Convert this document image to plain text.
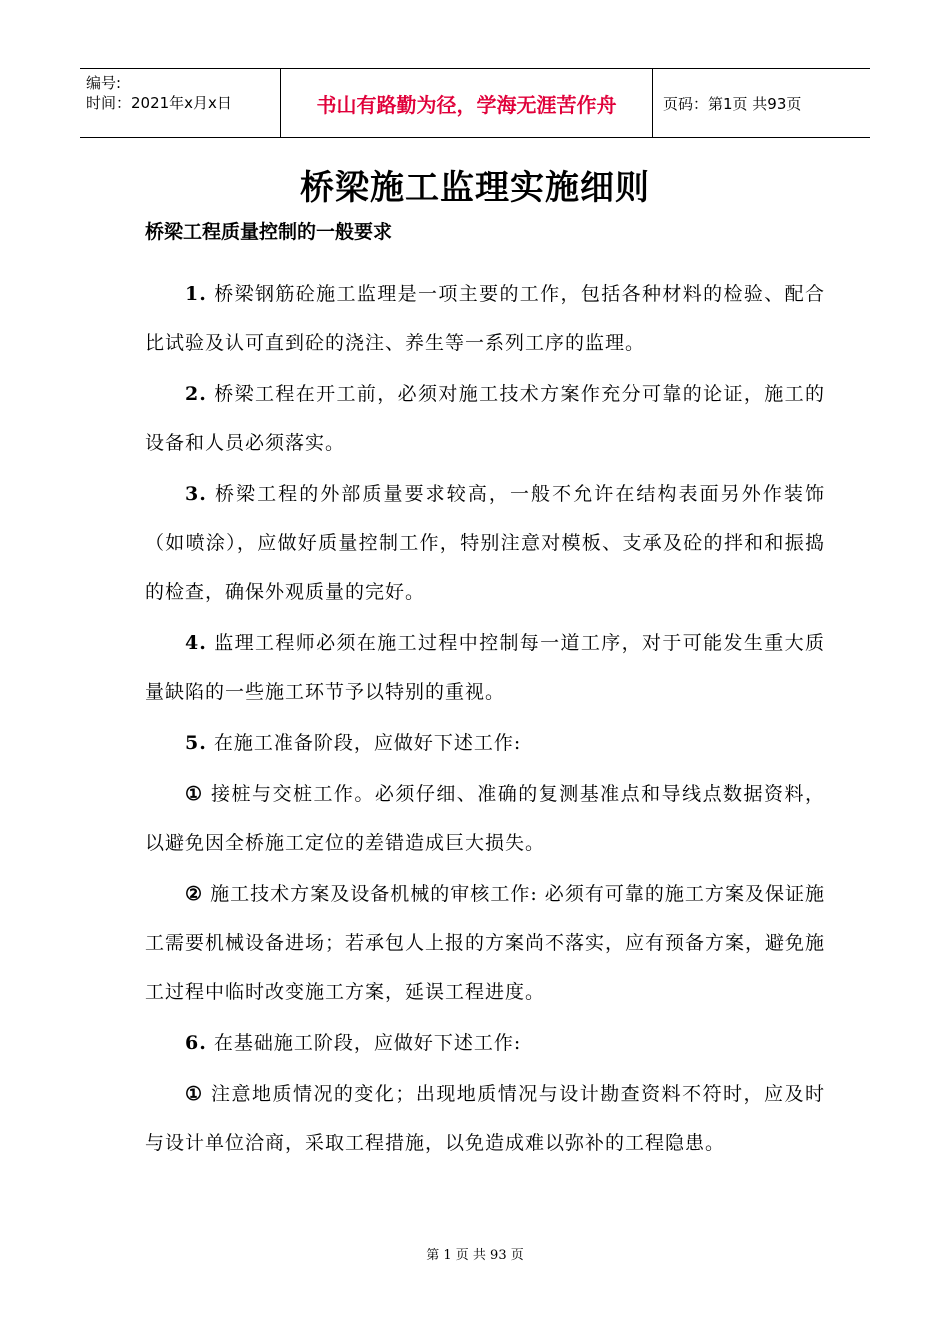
编号:
时间：2021年x月x日	书山有路勤为径，学海无涯苦作舟	页码：第1页 共93页
桥梁施工监理实施细则
桥梁工程质量控制的一般要求

1. 桥梁钢筋砼施工监理是一项主要的工作，包括各种材料的检验、配合比试验及认可直到砼的浇注、养生等一系列工序的监理。

2. 桥梁工程在开工前，必须对施工技术方案作充分可靠的论证，施工的设备和人员必须落实。

3. 桥梁工程的外部质量要求较高，一般不允许在结构表面另外作装饰（如喷涂），应做好质量控制工作，特别注意对模板、支承及砼的拌和和振捣的检查，确保外观质量的完好。

4. 监理工程师必须在施工过程中控制每一道工序，对于可能发生重大质量缺陷的一些施工环节予以特别的重视。

5. 在施工准备阶段，应做好下述工作:

① 接桩与交桩工作。必须仔细、准确的复测基准点和导线点数据资料，以避免因全桥施工定位的差错造成巨大损失。

② 施工技术方案及设备机械的审核工作: 必须有可靠的施工方案及保证施工需要机械设备进场；若承包人上报的方案尚不落实，应有预备方案，避免施工过程中临时改变施工方案，延误工程进度。

6. 在基础施工阶段，应做好下述工作:

① 注意地质情况的变化；出现地质情况与设计勘查资料不符时，应及时与设计单位洽商，采取工程措施，以免造成难以弥补的工程隐患。

第 1 页 共 93 页
